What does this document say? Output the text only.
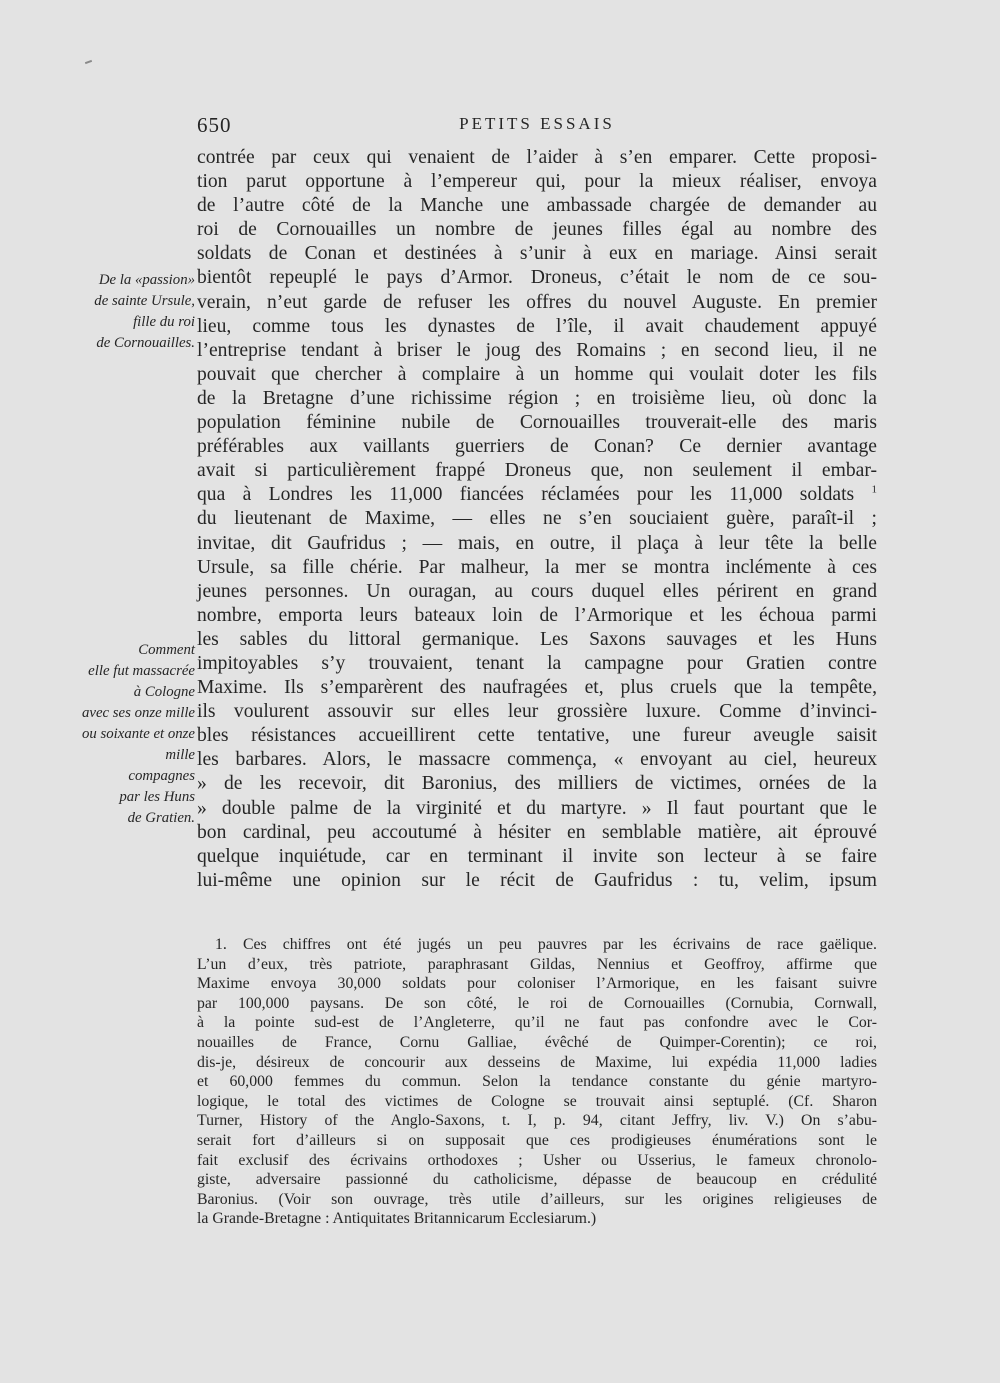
650	PETITS ESSAIS
De la «passion»
de sainte Ursule,
fille du roi
de Cornouailles.
Comment
elle fut massacrée
à Cologne
avec ses onze mille
ou soixante et onze
mille
compagnes
par les Huns
de Gratien.
contrée par ceux qui venaient de l’aider à s’en emparer. Cette proposi-
tion parut opportune à l’empereur qui, pour la mieux réaliser, envoya
de l’autre côté de la Manche une ambassade chargée de demander au
roi de Cornouailles un nombre de jeunes filles égal au nombre des
soldats de Conan et destinées à s’unir à eux en mariage. Ainsi serait
bientôt repeuplé le pays d’Armor. Droneus, c’était le nom de ce sou-
verain, n’eut garde de refuser les offres du nouvel Auguste. En premier
lieu, comme tous les dynastes de l’île, il avait chaudement appuyé
l’entreprise tendant à briser le joug des Romains ; en second lieu, il ne
pouvait que chercher à complaire à un homme qui voulait doter les fils
de la Bretagne d’une richissime région ; en troisième lieu, où donc la
population féminine nubile de Cornouailles trouverait-elle des maris
préférables aux vaillants guerriers de Conan? Ce dernier avantage
avait si particulièrement frappé Droneus que, non seulement il embar-
qua à Londres les 11,000 fiancées réclamées pour les 11,000 soldats $^1$
du lieutenant de Maxime, — elles ne s’en souciaient guère, paraît-il ;
invitae, dit Gaufridus ; — mais, en outre, il plaça à leur tête la belle
Ursule, sa fille chérie. Par malheur, la mer se montra inclémente à ces
jeunes personnes. Un ouragan, au cours duquel elles périrent en grand
nombre, emporta leurs bateaux loin de l’Armorique et les échoua parmi
les sables du littoral germanique. Les Saxons sauvages et les Huns
impitoyables s’y trouvaient, tenant la campagne pour Gratien contre
Maxime. Ils s’emparèrent des naufragées et, plus cruels que la tempête,
ils voulurent assouvir sur elles leur grossière luxure. Comme d’invinci-
bles résistances accueillirent cette tentative, une fureur aveugle saisit
les barbares. Alors, le massacre commença, « envoyant au ciel, heureux
» de les recevoir, dit Baronius, des milliers de victimes, ornées de la
» double palme de la virginité et du martyre. » Il faut pourtant que le
bon cardinal, peu accoutumé à hésiter en semblable matière, ait éprouvé
quelque inquiétude, car en terminant il invite son lecteur à se faire
lui-même une opinion sur le récit de Gaufridus : tu, velim, ipsum
1. Ces chiffres ont été jugés un peu pauvres par les écrivains de race gaëlique.
L’un d’eux, très patriote, paraphrasant Gildas, Nennius et Geoffroy, affirme que
Maxime envoya 30,000 soldats pour coloniser l’Armorique, en les faisant suivre
par 100,000 paysans. De son côté, le roi de Cornouailles (Cornubia, Cornwall,
à la pointe sud-est de l’Angleterre, qu’il ne faut pas confondre avec le Cor-
nouailles de France, Cornu Galliae, évêché de Quimper-Corentin); ce roi,
dis-je, désireux de concourir aux desseins de Maxime, lui expédia 11,000 ladies
et 60,000 femmes du commun. Selon la tendance constante du génie martyro-
logique, le total des victimes de Cologne se trouvait ainsi septuplé. (Cf. Sharon
Turner, History of the Anglo-Saxons, t. I, p. 94, citant Jeffry, liv. V.) On s’abu-
serait fort d’ailleurs si on supposait que ces prodigieuses énumérations sont le
fait exclusif des écrivains orthodoxes ; Usher ou Usserius, le fameux chronolo-
giste, adversaire passionné du catholicisme, dépasse de beaucoup en crédulité
Baronius. (Voir son ouvrage, très utile d’ailleurs, sur les origines religieuses de
la Grande-Bretagne : Antiquitates Britannicarum Ecclesiarum.)
